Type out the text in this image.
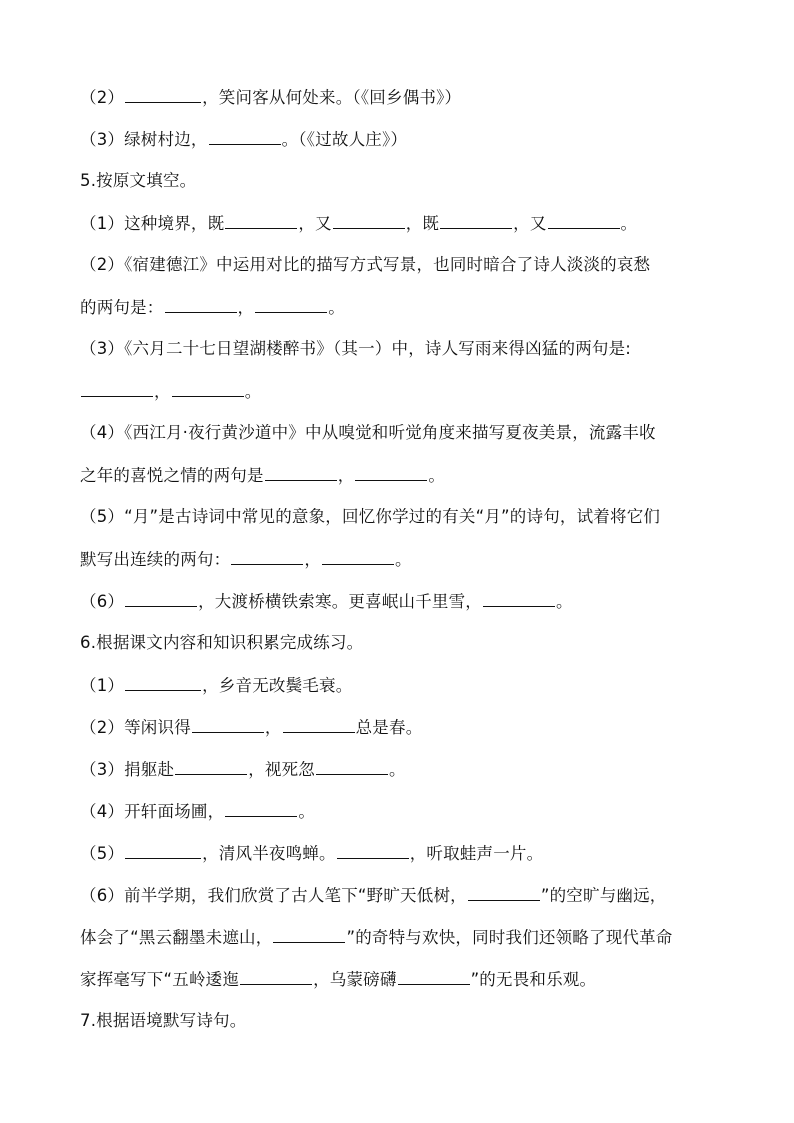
（2）	，笑问客从何处来。（《回乡偶书》）
（3）绿树村边，	。（《过故人庄》）
5.按原文填空。
（1）这种境界，既	，又	，既	，又	。
（2）《宿建德江》中运用对比的描写方式写景，也同时暗合了诗人淡淡的哀愁
的两句是：	，	。
（3）《六月二十七日望湖楼醉书》（其一）中，诗人写雨来得凶猛的两句是:
，	。
（4）《西江月·夜行黄沙道中》中从嗅觉和听觉角度来描写夏夜美景，流露丰收
之年的喜悦之情的两句是	，	。
（5）“月”是古诗词中常见的意象，回忆你学过的有关“月”的诗句，试着将它们
默写出连续的两句：	，	。
（6）	，大渡桥横铁索寒。更喜岷山千里雪，	。
6.根据课文内容和知识积累完成练习。
（1）	，乡音无改鬓毛衰。
（2）等闲识得	，	总是春。
（3）捐躯赴	，视死忽	。
（4）开轩面场圃，	。
（5）	，清风半夜鸣蝉。	，听取蛙声一片。
（6）前半学期，我们欣赏了古人笔下“野旷天低树，	”的空旷与幽远，
体会了“黑云翻墨未遮山，	”的奇特与欢快，同时我们还领略了现代革命
家挥毫写下“五岭逶迤	，乌蒙磅礴	”的无畏和乐观。
7.根据语境默写诗句。
